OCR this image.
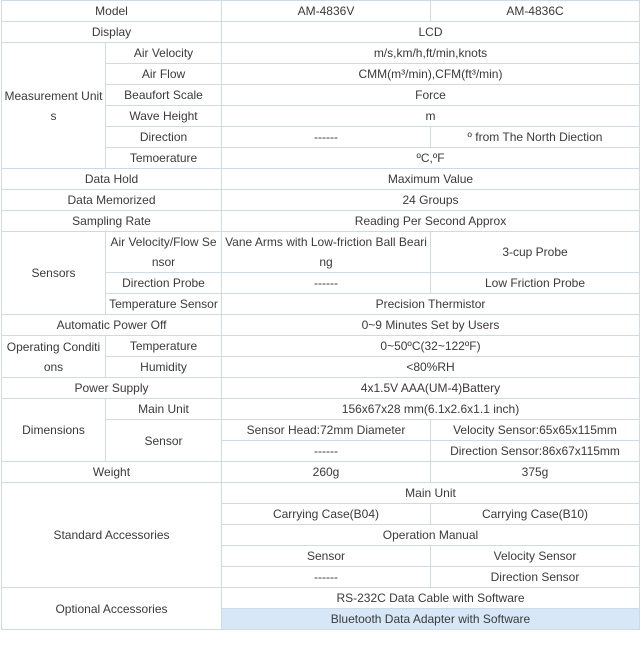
Model		AM-4836V	AM-4836C
Display		LCD	
Measurement Units	Air Velocity	m/s,km/h,ft/min,knots	
	Air Flow	CMM(m³/min),CFM(ft³/min)	
	Beaufort Scale	Force	
	Wave Height	m	
	Direction	------	º from The North Diection
	Temoerature	ºC,ºF	
Data Hold		Maximum Value	
Data Memorized		24 Groups	
Sampling Rate		Reading Per Second Approx	
Sensors	Air Velocity/Flow Sensor	Vane Arms with Low-friction Ball Bearing	3-cup Probe
	Direction Probe	------	Low Friction Probe
	Temperature Sensor	Precision Thermistor	
Automatic Power Off		0~9 Minutes Set by Users	
Operating Conditions	Temperature	0~50ºC(32~122ºF)	
	Humidity	<80%RH	
Power Supply		4x1.5V AAA(UM-4)Battery	
Dimensions	Main Unit	156x67x28 mm(6.1x2.6x1.1 inch)	
	Sensor	Sensor Head:72mm Diameter	Velocity Sensor:65x65x115mm
		------	Direction Sensor:86x67x115mm
Weight		260g	375g
Standard Accessories		Main Unit	
		Carrying Case(B04)	Carrying Case(B10)
		Operation Manual	
		Sensor	Velocity Sensor
		------	Direction Sensor
Optional Accessories		RS-232C Data Cable with Software	
		Bluetooth Data Adapter with Software	
